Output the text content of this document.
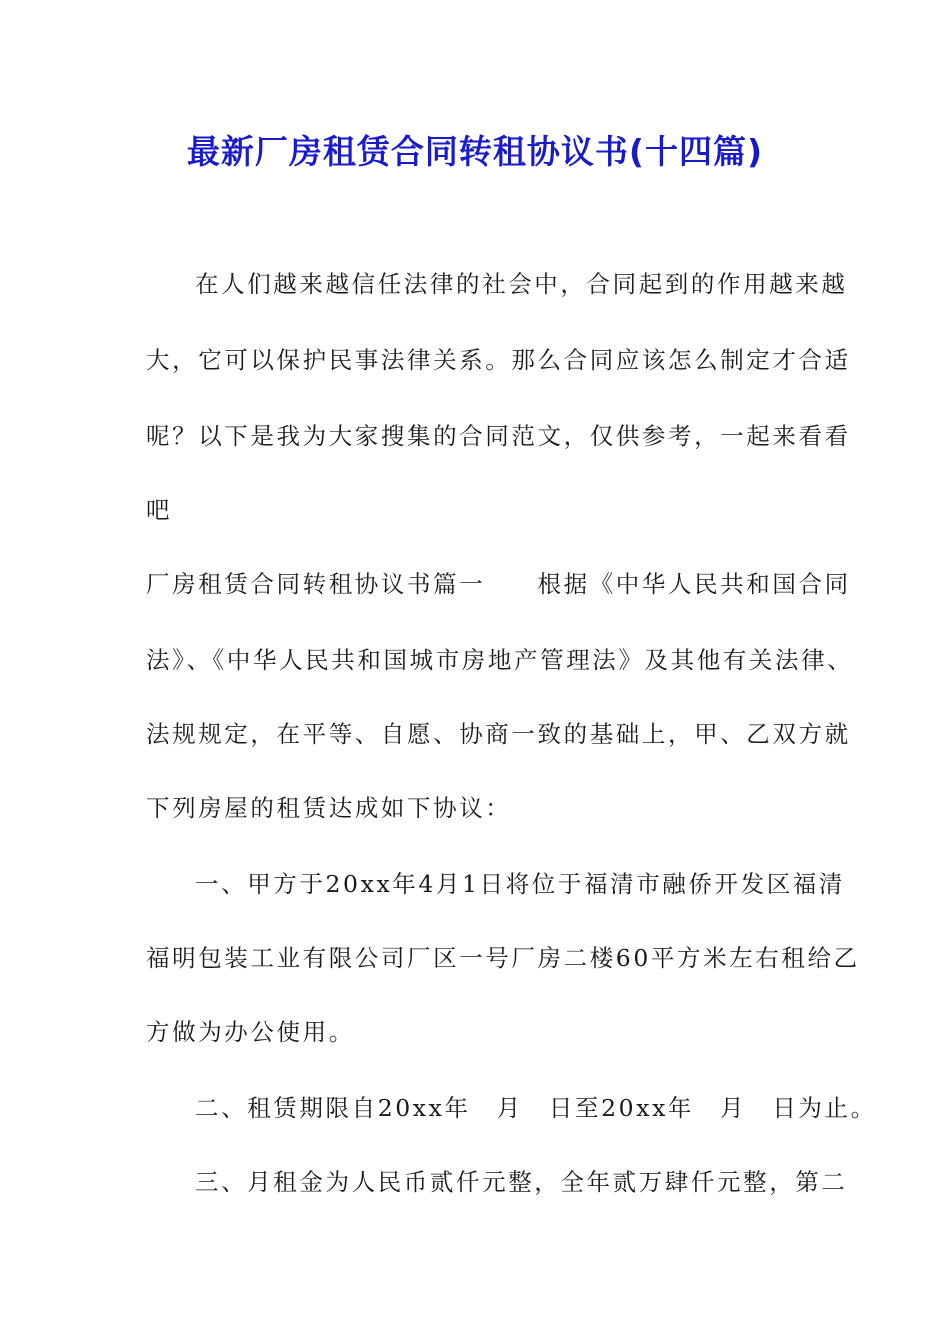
最新厂房租赁合同转租协议书(十四篇)
在人们越来越信任法律的社会中，合同起到的作用越来越
大，它可以保护民事法律关系。那么合同应该怎么制定才合适
呢？以下是我为大家搜集的合同范文，仅供参考，一起来看看
吧
厂房租赁合同转租协议书篇一　　根据《中华人民共和国合同
法》、《中华人民共和国城市房地产管理法》及其他有关法律、
法规规定，在平等、自愿、协商一致的基础上，甲、乙双方就
下列房屋的租赁达成如下协议：
一、甲方于20xx年4月1日将位于福清市融侨开发区福清
福明包装工业有限公司厂区一号厂房二楼60平方米左右租给乙
方做为办公使用。
二、租赁期限自20xx年　月　日至20xx年　月　日为止。
三、月租金为人民币贰仟元整，全年贰万肆仟元整，第二
